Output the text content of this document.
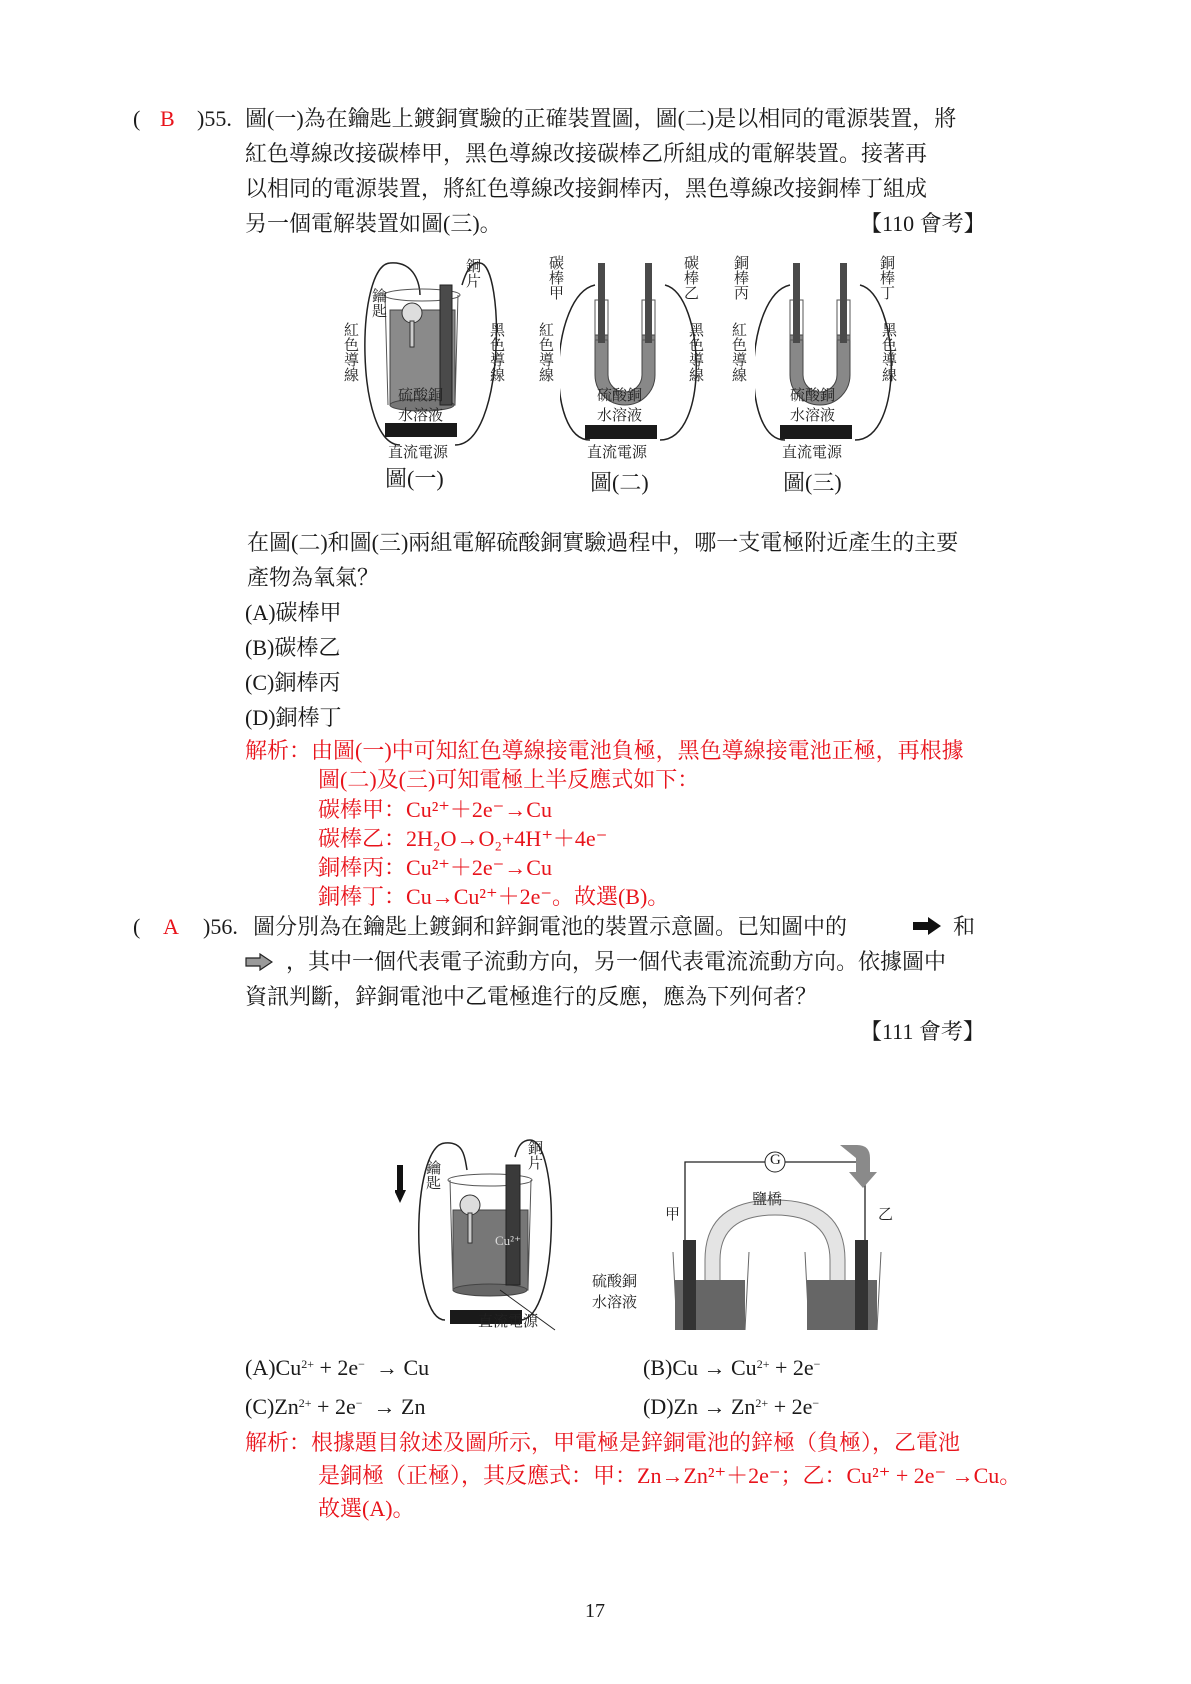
( B )55. 圖(一)為在鑰匙上鍍銅實驗的正確裝置圖，圖(二)是以相同的電源裝置，將
紅色導線改接碳棒甲，黑色導線改接碳棒乙所組成的電解裝置。接著再
以相同的電源裝置，將紅色導線改接銅棒丙，黑色導線改接銅棒丁組成
另一個電解裝置如圖(三)。	【110 會考】
鑰匙
銅片
紅色導線	黑色導線
硫酸銅
水溶液
直流電源
圖(一)
碳棒甲	碳棒乙
紅色導線	黑色導線
硫酸銅
水溶液
直流電源
圖(二)
銅棒丙	銅棒丁
紅色導線	黑色導線
硫酸銅
水溶液
直流電源
圖(三)
在圖(二)和圖(三)兩組電解硫酸銅實驗過程中，哪一支電極附近產生的主要
產物為氧氣？
(A)碳棒甲
(B)碳棒乙
(C)銅棒丙
(D)銅棒丁
解析： 由圖(一)中可知紅色導線接電池負極，黑色導線接電池正極，再根據
圖(二)及(三)可知電極上半反應式如下：
碳棒甲：Cu²⁺＋2e⁻→Cu
碳棒乙：2H₂O→O₂+4H⁺＋4e⁻
銅棒丙：Cu²⁺＋2e⁻→Cu
銅棒丁：Cu→Cu²⁺＋2e⁻。故選(B)。
( A )56. 圖分別為在鑰匙上鍍銅和鋅銅電池的裝置示意圖。已知圖中的	和
，其中一個代表電子流動方向，另一個代表電流流動方向。依據圖中
資訊判斷，鋅銅電池中乙電極進行的反應，應為下列何者？
【111 會考】
鑰匙
銅片
Cu²⁺
硫酸銅
水溶液
直流電源
G
鹽橋
甲	乙
$(A)Cu^{2+} + 2e^- \to Cu$	$(B)Cu \to Cu^{2+} + 2e^-$
$(C)Zn^{2+} + 2e^- \to Zn$	$(D)Zn \to Zn^{2+} + 2e^-$
解析： 根據題目敘述及圖所示，甲電極是鋅銅電池的鋅極（負極），乙電池
是銅極（正極），其反應式：甲：Zn→Zn²⁺＋2e⁻；乙：Cu²⁺ + 2e⁻ →Cu。
故選(A)。
17
